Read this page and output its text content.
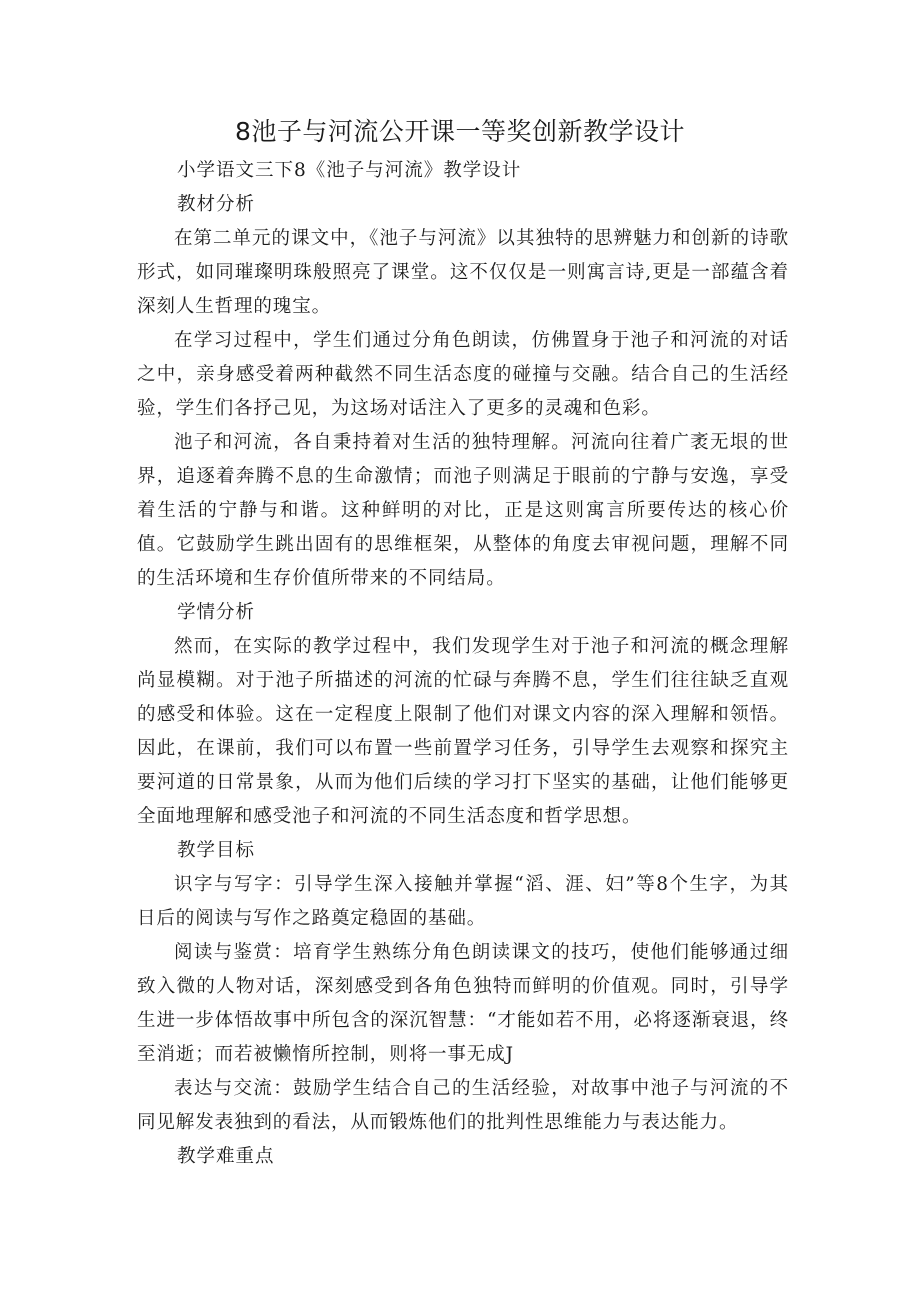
8池子与河流公开课一等奖创新教学设计
小学语文三下8《池子与河流》教学设计
教材分析

在第二单元的课文中，《池子与河流》以其独特的思辨魅力和创新的诗歌形式，如同璀璨明珠般照亮了课堂。这不仅仅是一则寓言诗,更是一部蕴含着深刻人生哲理的瑰宝。

在学习过程中，学生们通过分角色朗读，仿佛置身于池子和河流的对话之中，亲身感受着两种截然不同生活态度的碰撞与交融。结合自己的生活经验，学生们各抒己见，为这场对话注入了更多的灵魂和色彩。

池子和河流，各自秉持着对生活的独特理解。河流向往着广袤无垠的世界，追逐着奔腾不息的生命激情；而池子则满足于眼前的宁静与安逸，享受着生活的宁静与和谐。这种鲜明的对比，正是这则寓言所要传达的核心价值。它鼓励学生跳出固有的思维框架，从整体的角度去审视问题，理解不同的生活环境和生存价值所带来的不同结局。

学情分析

然而，在实际的教学过程中，我们发现学生对于池子和河流的概念理解尚显模糊。对于池子所描述的河流的忙碌与奔腾不息，学生们往往缺乏直观的感受和体验。这在一定程度上限制了他们对课文内容的深入理解和领悟。因此，在课前，我们可以布置一些前置学习任务，引导学生去观察和探究主要河道的日常景象，从而为他们后续的学习打下坚实的基础，让他们能够更全面地理解和感受池子和河流的不同生活态度和哲学思想。

教学目标

识字与写字：引导学生深入接触并掌握“滔、涯、妇”等8个生字，为其日后的阅读与写作之路奠定稳固的基础。

阅读与鉴赏：培育学生熟练分角色朗读课文的技巧，使他们能够通过细致入微的人物对话，深刻感受到各角色独特而鲜明的价值观。同时，引导学生进一步体悟故事中所包含的深沉智慧：“才能如若不用，必将逐渐衰退，终至消逝；而若被懒惰所控制，则将一事无成J

表达与交流：鼓励学生结合自己的生活经验，对故事中池子与河流的不同见解发表独到的看法，从而锻炼他们的批判性思维能力与表达能力。

教学难重点
